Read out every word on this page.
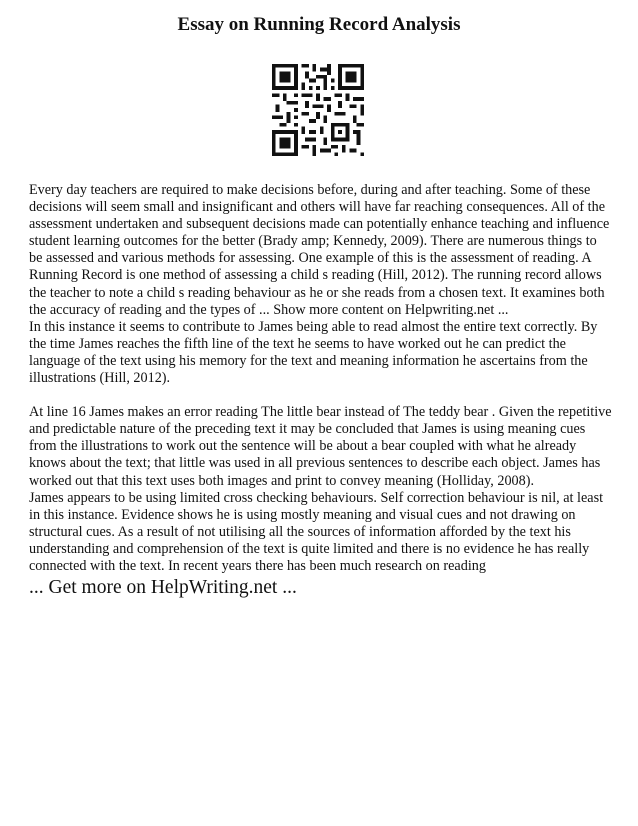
Essay on Running Record Analysis

Every day teachers are required to make decisions before, during and after teaching. Some of these decisions will seem small and insignificant and others will have far reaching consequences. All of the assessment undertaken and subsequent decisions made can potentially enhance teaching and influence student learning outcomes for the better (Brady amp; Kennedy, 2009). There are numerous things to be assessed and various methods for assessing. One example of this is the assessment of reading. A Running Record is one method of assessing a child s reading (Hill, 2012). The running record allows the teacher to note a child s reading behaviour as he or she reads from a chosen text. It examines both the accuracy of reading and the types of ... Show more content on Helpwriting.net ...

In this instance it seems to contribute to James being able to read almost the entire text correctly. By the time James reaches the fifth line of the text he seems to have worked out he can predict the language of the text using his memory for the text and meaning information he ascertains from the illustrations (Hill, 2012).

At line 16 James makes an error reading The little bear instead of The teddy bear . Given the repetitive and predictable nature of the preceding text it may be concluded that James is using meaning cues from the illustrations to work out the sentence will be about a bear coupled with what he already knows about the text; that little was used in all previous sentences to describe each object. James has worked out that this text uses both images and print to convey meaning (Holliday, 2008).

James appears to be using limited cross checking behaviours. Self correction behaviour is nil, at least in this instance. Evidence shows he is using mostly meaning and visual cues and not drawing on structural cues. As a result of not utilising all the sources of information afforded by the text his understanding and comprehension of the text is quite limited and there is no evidence he has really connected with the text. In recent years there has been much research on reading

... Get more on HelpWriting.net ...
